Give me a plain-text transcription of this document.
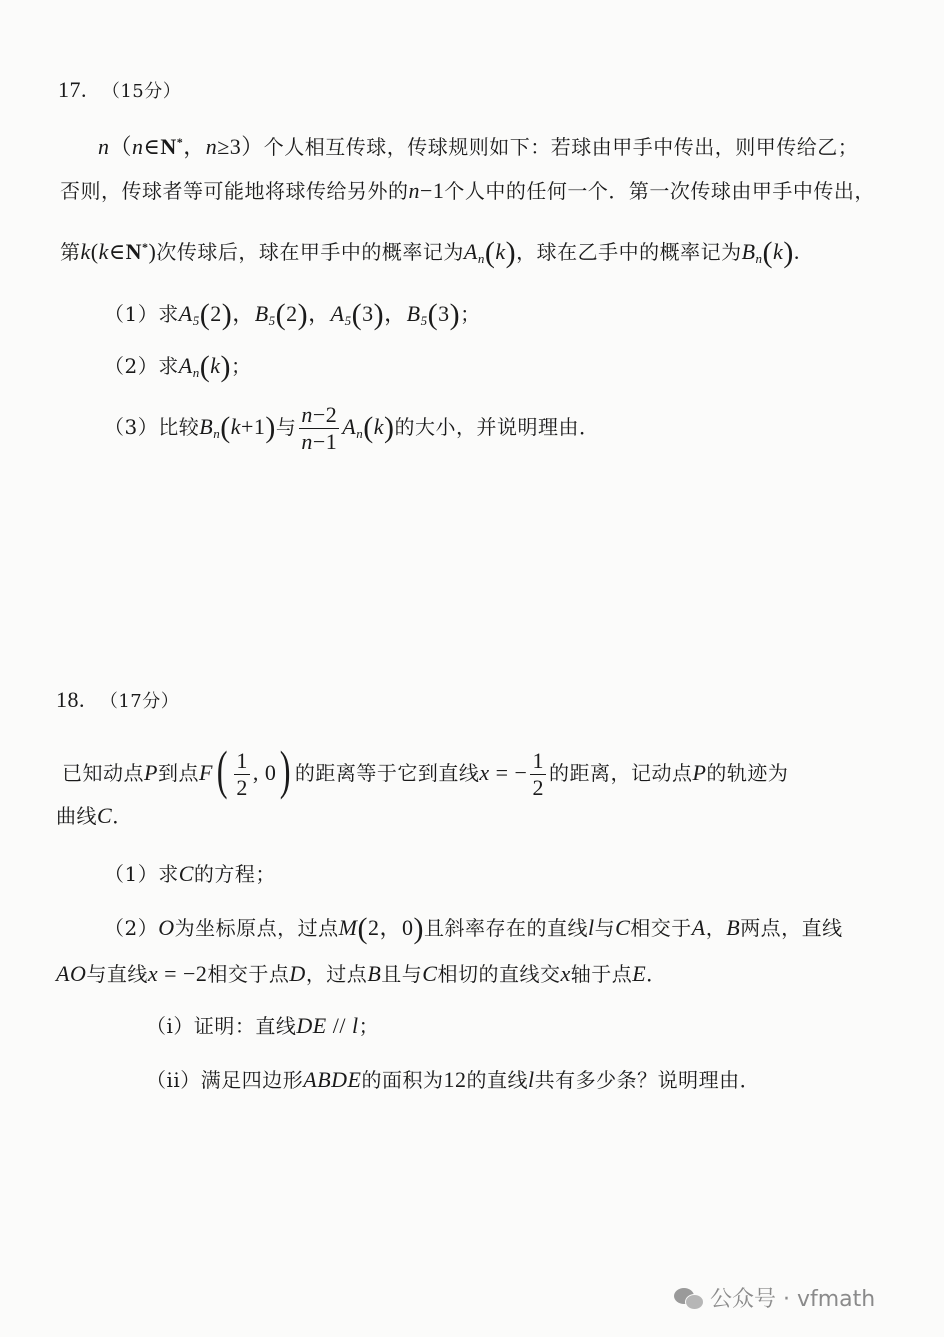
17. （15分）
n（n∈N*，n≥3）个人相互传球，传球规则如下：若球由甲手中传出，则甲传给乙；
否则，传球者等可能地将球传给另外的n−1个人中的任何一个．第一次传球由甲手中传出，
第k(k∈N*)次传球后，球在甲手中的概率记为$A_n(k)$，球在乙手中的概率记为$B_n(k)$.
（1）求$A_5(2)$，$B_5(2)$，$A_5(3)$，$B_5(3)$；
（2）求$A_n(k)$；
（3）比较$B_n(k+1)$与 $\frac{n-2}{n-1} A_n(k)$的大小，并说明理由．
18. （17分）
已知动点P到点$F( \frac{1}{2}$ , 0) 的距离等于它到直线x = − $\frac{1}{2}$ 的距离，记动点P的轨迹为
曲线C．
（1）求C的方程；
（2）O为坐标原点，过点M(2，0)且斜率存在的直线l与C相交于A，B两点，直线
AO与直线x = −2相交于点D，过点B且与C相切的直线交x轴于点E．
（i）证明：直线DE // l；
（ii）满足四边形ABDE的面积为12的直线l共有多少条？说明理由．
公众号 · vfmath
